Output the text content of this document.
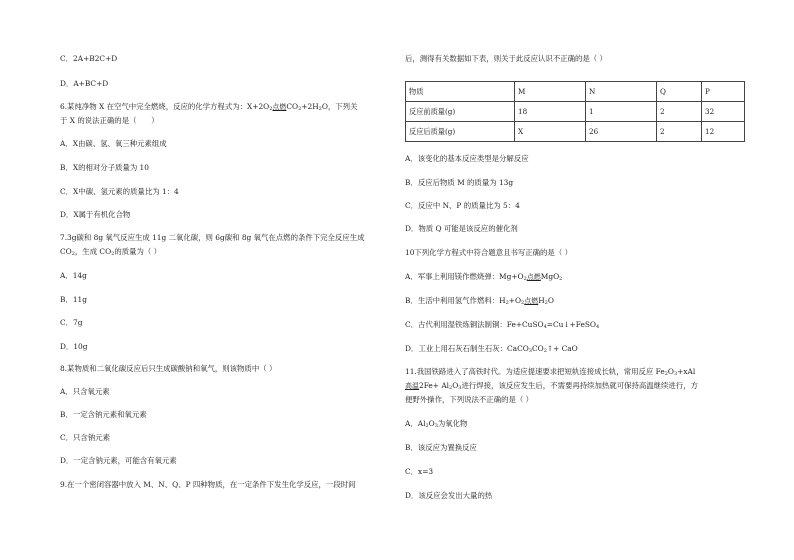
C．2A+B2C+D
D．A+BC+D
6.某纯净物 X 在空气中完全燃烧，反应的化学方程式为：$X+2O_2$点燃$CO_2+2H_2O$，下列关
于 X 的说法正确的是（　　）
A．X由碳、氢、氧三种元素组成
B．X的相对分子质量为 10
C．X中碳、氢元素的质量比为 1：4
D．X属于有机化合物
7.3g碳和 8g 氧气反应生成 11g 二氧化碳，则 6g碳和 8g 氧气在点燃的条件下完全反应生成
$CO_2$，生成 $CO_2$的质量为（ ）
A．14g
B．11g
C．7g
D．10g
8.某物质和二氧化碳反应后只生成碳酸钠和氧气，则该物质中（ ）
A．只含氧元素
B．一定含钠元素和氧元素
C．只含钠元素
D．一定含钠元素，可能含有氧元素
9.在一个密闭容器中放入 M、N、Q、P 四种物质，在一定条件下发生化学反应，一段时间
后，测得有关数据如下表，则关于此反应认识不正确的是（ ）
物质	M	N	Q	P
反应前质量(g)	18	1	2	32
反应后质量(g)	X	26	2	12
A．该变化的基本反应类型是分解反应
B．反应后物质 M 的质量为 13g
C．反应中 N、P 的质量比为 5：4
D．物质 Q 可能是该反应的催化剂
10下列化学方程式中符合题意且书写正确的是（ ）
A．军事上利用镁作燃烧弹：$Mg+O_2$点燃MgO$_2$
B．生活中利用氢气作燃料：$H_2+O_2$点燃$H_2O$
C．古代利用湿铁炼铜法制铜：Fe+CuSO$_4$=Cu↓+FeSO$_4$
D．工业上用石灰石制生石灰：$CaCO_3CO_2↑+$ CaO
11.我国铁路进入了高铁时代。为适应提速要求把短轨连接成长轨，常用反应 $Fe_2O_3+xAl$
高温$2Fe+ Al_2O_3$进行焊接，该反应发生后，不需要再持续加热就可保持高温继续进行，方
便野外操作，下列说法不正确的是（ ）
A．$Al_2O_3$为氧化物
B．该反应为置换反应
C．x=3
D．该反应会发出大量的热
